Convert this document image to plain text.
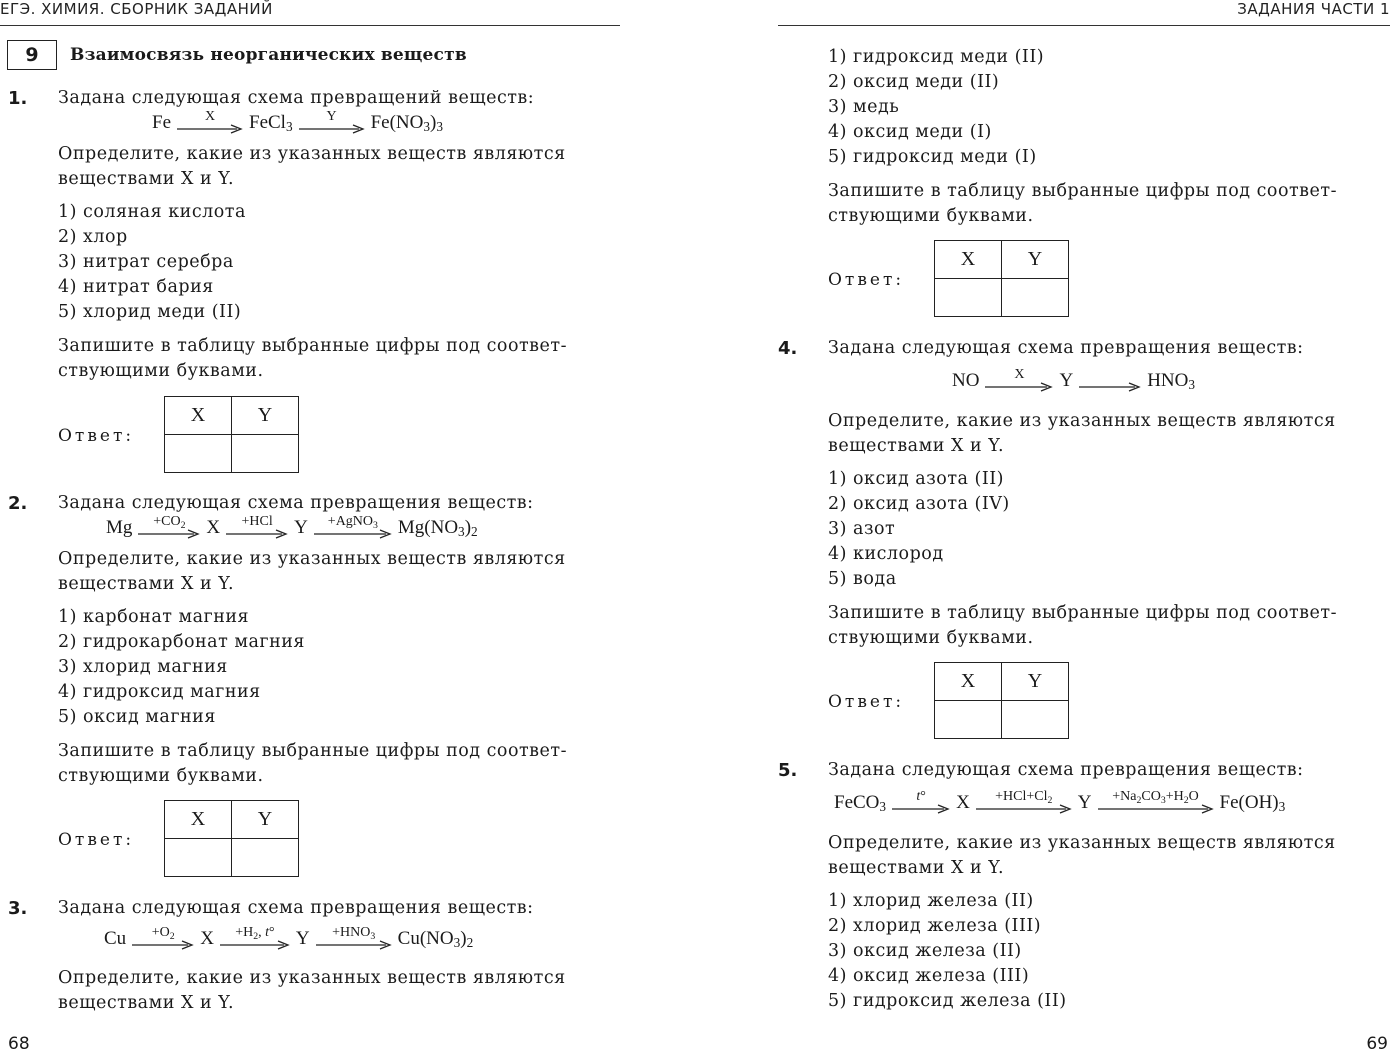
ЕГЭ. ХИМИЯ. СБОРНИК ЗАДАНИЙ
9	Взаимосвязь неорганических веществ
1. Задана следующая схема превращений веществ:
Fe X FeCl$_3$
Y $Fe(NO_3)_3$
Определите, какие из указанных веществ являются
веществами X и Y.
1) соляная кислота
2) хлор
3) нитрат серебра
4) нитрат бария
5) хлорид меди (II)
Запишите в таблицу выбранные цифры под соответ-
ствующими буквами.
Ответ:
X	Y

2. Задана следующая схема превращения веществ:
$Mg +CO_2$ X +HCl Y +AgNO$_3$ $Mg(NO_3)_2$
Определите, какие из указанных веществ являются
веществами X и Y.
1) карбонат магния
2) гидрокарбонат магния
3) хлорид магния
4) гидроксид магния
5) оксид магния
Запишите в таблицу выбранные цифры под соответ-
ствующими буквами.
Ответ:
X	Y

3. Задана следующая схема превращения веществ:
$Cu +O_2$ $X +H_2$, t° $Y +HNO_3$ $Cu(NO_3)_2$
Определите, какие из указанных веществ являются
веществами X и Y.
68
ЗАДАНИЯ ЧАСТИ 1
1) гидроксид меди (II)
2) оксид меди (II)
3) медь
4) оксид меди (I)
5) гидроксид меди (I)
Запишите в таблицу выбранные цифры под соответ-
ствующими буквами.
Ответ:
X	Y

4. Задана следующая схема превращения веществ:
NO X $Y \to HNO_3$
Определите, какие из указанных веществ являются
веществами X и Y.
1) оксид азота (II)
2) оксид азота (IV)
3) азот
4) кислород
5) вода
Запишите в таблицу выбранные цифры под соответ-
ствующими буквами.
Ответ:
X	Y

5. Задана следующая схема превращения веществ:
FeCO$_3$
t° $X +HCl+Cl_2$ $Y +Na_2CO_3+H_2O$ $Fe(OH)_3$
Определите, какие из указанных веществ являются
веществами X и Y.
1) хлорид железа (II)
2) хлорид железа (III)
3) оксид железа (II)
4) оксид железа (III)
5) гидроксид железа (II)
69
